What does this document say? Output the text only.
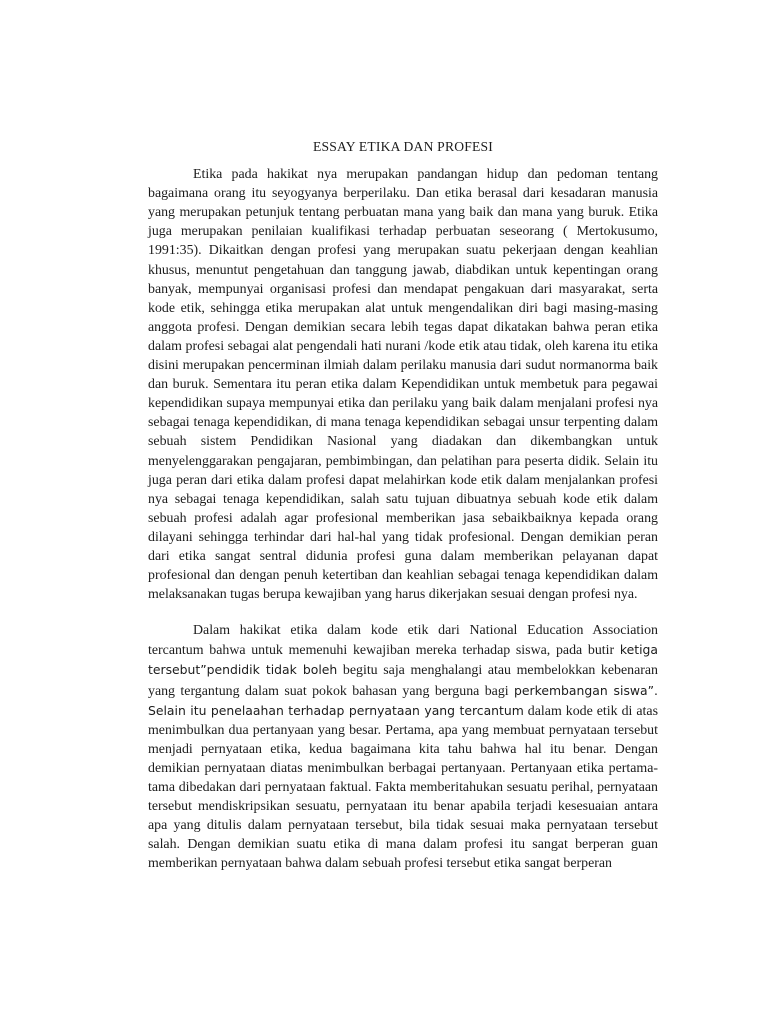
ESSAY ETIKA DAN PROFESI

Etika pada hakikat nya merupakan pandangan hidup dan pedoman tentang bagaimana orang itu seyogyanya berperilaku. Dan etika berasal dari kesadaran manusia yang merupakan petunjuk tentang perbuatan mana yang baik dan mana yang buruk. Etika juga merupakan penilaian kualifikasi terhadap perbuatan seseorang ( Mertokusumo, 1991:35). Dikaitkan dengan profesi yang merupakan suatu pekerjaan dengan keahlian khusus, menuntut pengetahuan dan tanggung jawab, diabdikan untuk kepentingan orang banyak, mempunyai organisasi profesi dan mendapat pengakuan dari masyarakat, serta kode etik, sehingga etika merupakan alat untuk mengendalikan diri bagi masing-masing anggota profesi. Dengan demikian secara lebih tegas dapat dikatakan bahwa peran etika dalam profesi sebagai alat pengendali hati nurani /kode etik atau tidak, oleh karena itu etika disini merupakan pencerminan ilmiah dalam perilaku manusia dari sudut normanorma baik dan buruk. Sementara itu peran etika dalam Kependidikan untuk membetuk para pegawai kependidikan supaya mempunyai etika dan perilaku yang baik dalam menjalani profesi nya sebagai tenaga kependidikan, di mana tenaga kependidikan sebagai unsur terpenting dalam sebuah sistem Pendidikan Nasional yang diadakan dan dikembangkan untuk menyelenggarakan pengajaran, pembimbingan, dan pelatihan para peserta didik. Selain itu juga peran dari etika dalam profesi dapat melahirkan kode etik dalam menjalankan profesi nya sebagai tenaga kependidikan, salah satu tujuan dibuatnya sebuah kode etik dalam sebuah profesi adalah agar profesional memberikan jasa sebaikbaiknya kepada orang dilayani sehingga terhindar dari hal-hal yang tidak profesional. Dengan demikian peran dari etika sangat sentral didunia profesi guna dalam memberikan pelayanan dapat profesional dan dengan penuh ketertiban dan keahlian sebagai tenaga kependidikan dalam melaksanakan tugas berupa kewajiban yang harus dikerjakan sesuai dengan profesi nya.

Dalam hakikat etika dalam kode etik dari National Education Association tercantum bahwa untuk memenuhi kewajiban mereka terhadap siswa, pada butir ketiga tersebut”pendidik tidak boleh begitu saja menghalangi atau membelokkan kebenaran yang tergantung dalam suat pokok bahasan yang berguna bagi perkembangan siswa”. Selain itu penelaahan terhadap pernyataan yang tercantum dalam kode etik di atas menimbulkan dua pertanyaan yang besar. Pertama, apa yang membuat pernyataan tersebut menjadi pernyataan etika, kedua bagaimana kita tahu bahwa hal itu benar. Dengan demikian pernyataan diatas menimbulkan berbagai pertanyaan. Pertanyaan etika pertama-tama dibedakan dari pernyataan faktual. Fakta memberitahukan sesuatu perihal, pernyataan tersebut mendiskripsikan sesuatu, pernyataan itu benar apabila terjadi kesesuaian antara apa yang ditulis dalam pernyataan tersebut, bila tidak sesuai maka pernyataan tersebut salah. Dengan demikian suatu etika di mana dalam profesi itu sangat berperan guan memberikan pernyataan bahwa dalam sebuah profesi tersebut etika sangat berperan
